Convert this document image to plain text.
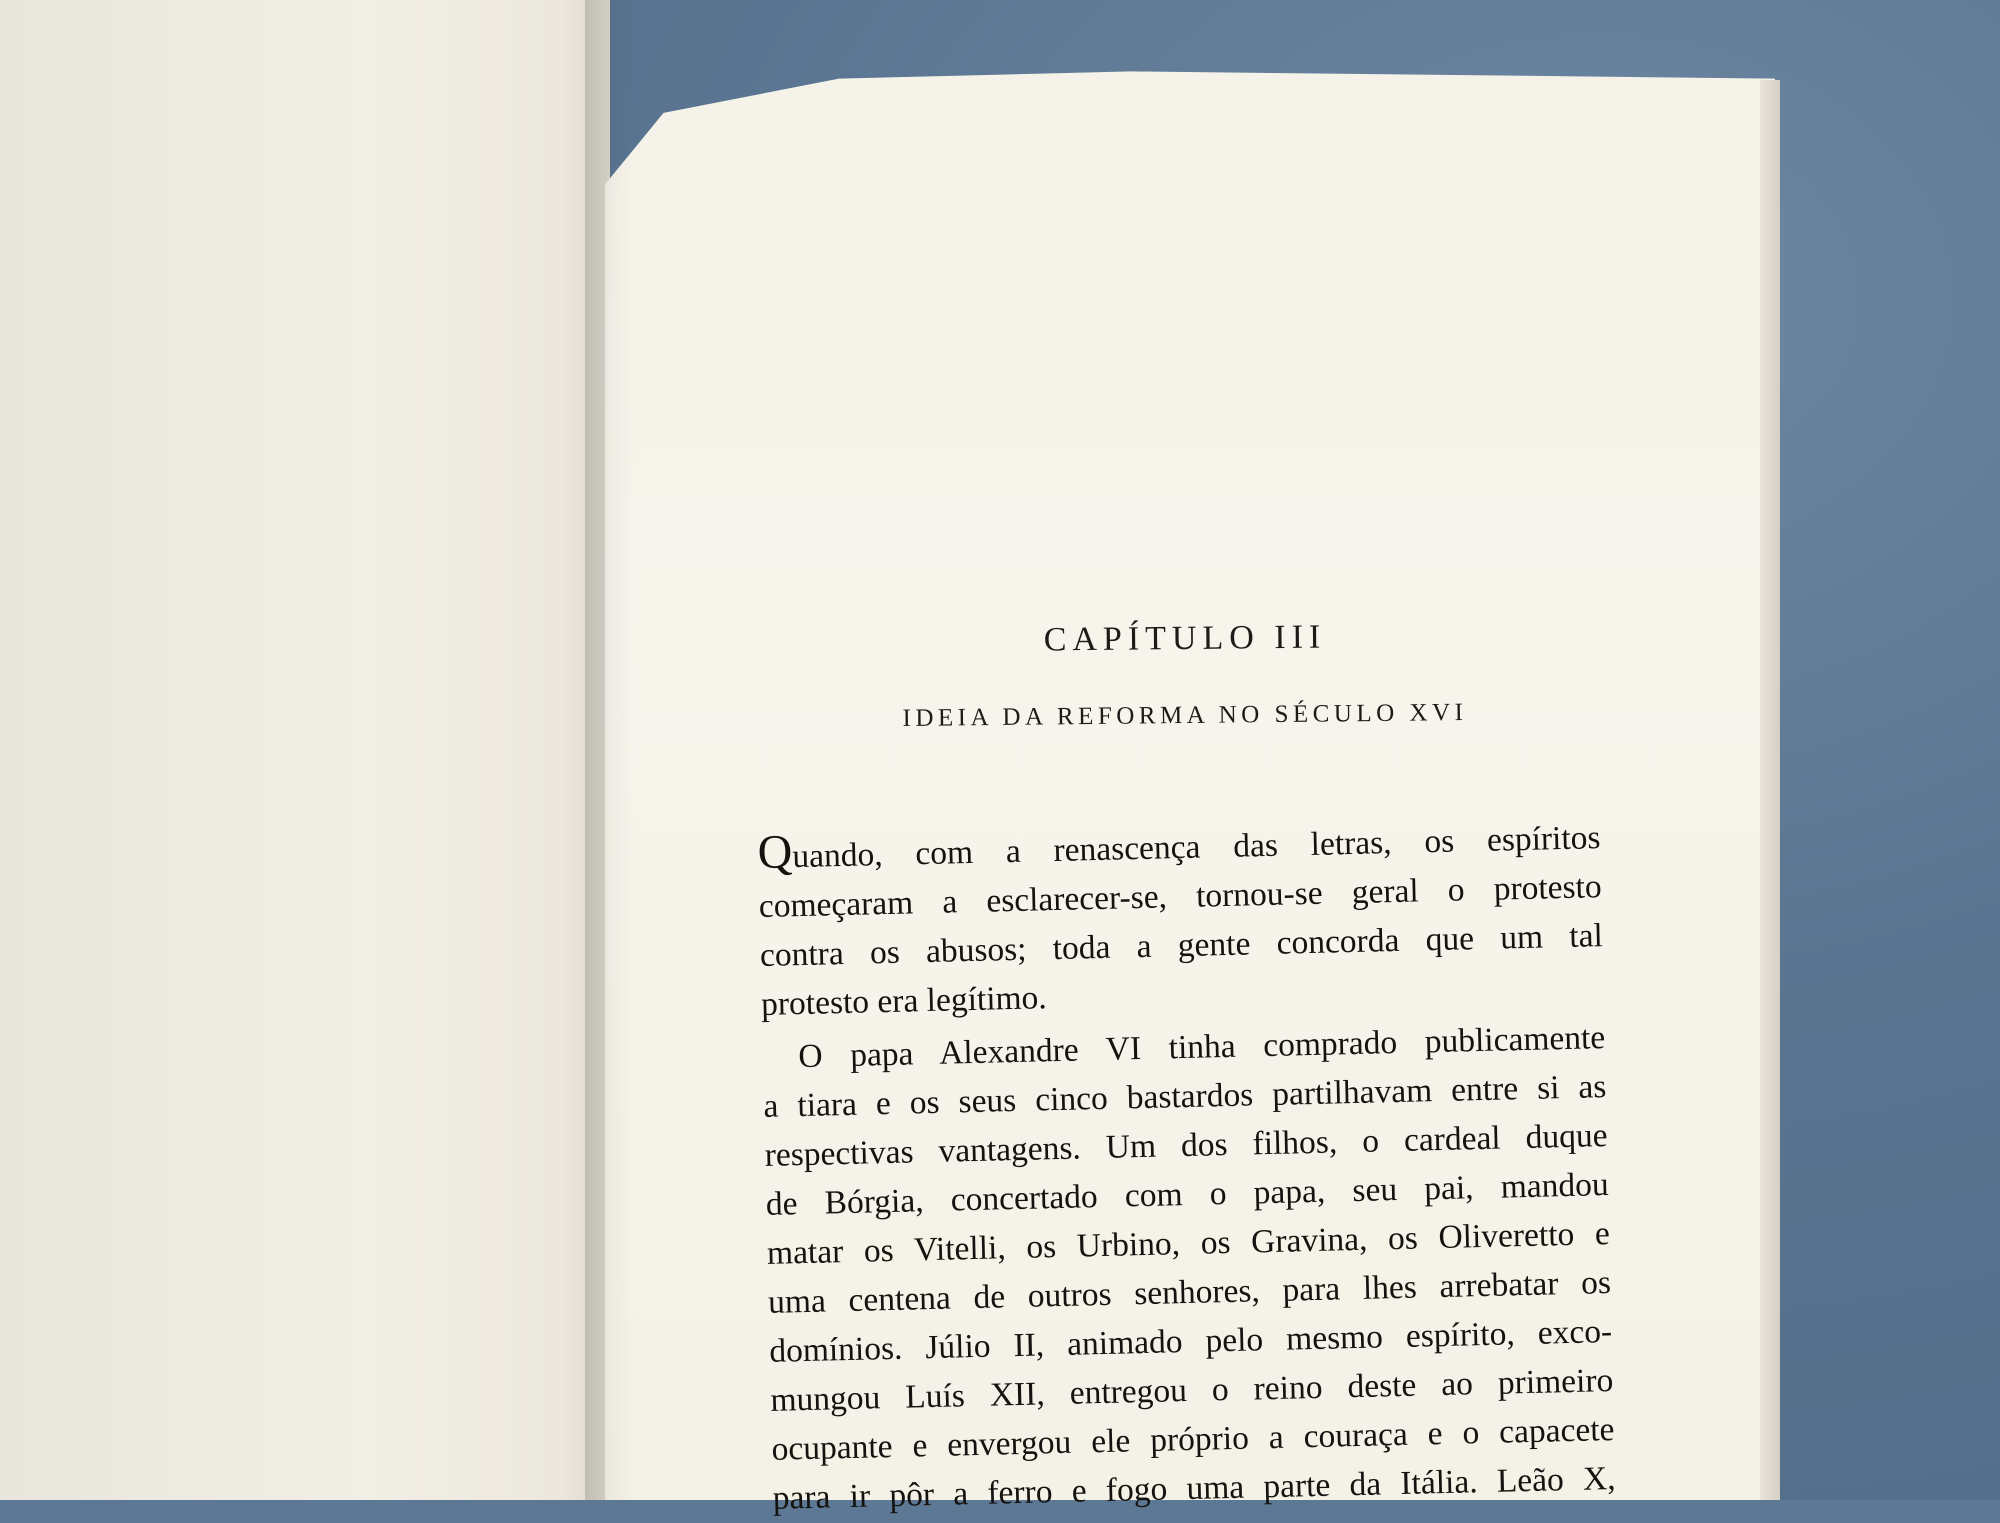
​
CAPÍTULO III
IDEIA DA REFORMA NO SÉCULO XVI
Quando, com a renascença das letras, os espíritos
começaram a esclarecer-se, tornou-se geral o protesto
contra os abusos; toda a gente concorda que um tal
protesto era legítimo.
O papa Alexandre VI tinha comprado publicamente
a tiara e os seus cinco bastardos partilhavam entre si as
respectivas vantagens. Um dos filhos, o cardeal duque
de Bórgia, concertado com o papa, seu pai, mandou
matar os Vitelli, os Urbino, os Gravina, os Oliveretto e
uma centena de outros senhores, para lhes arrebatar os
domínios. Júlio II, animado pelo mesmo espírito, exco-
mungou Luís XII, entregou o reino deste ao primeiro
ocupante e envergou ele próprio a couraça e o capacete
para ir pôr a ferro e fogo uma parte da Itália. Leão X,
